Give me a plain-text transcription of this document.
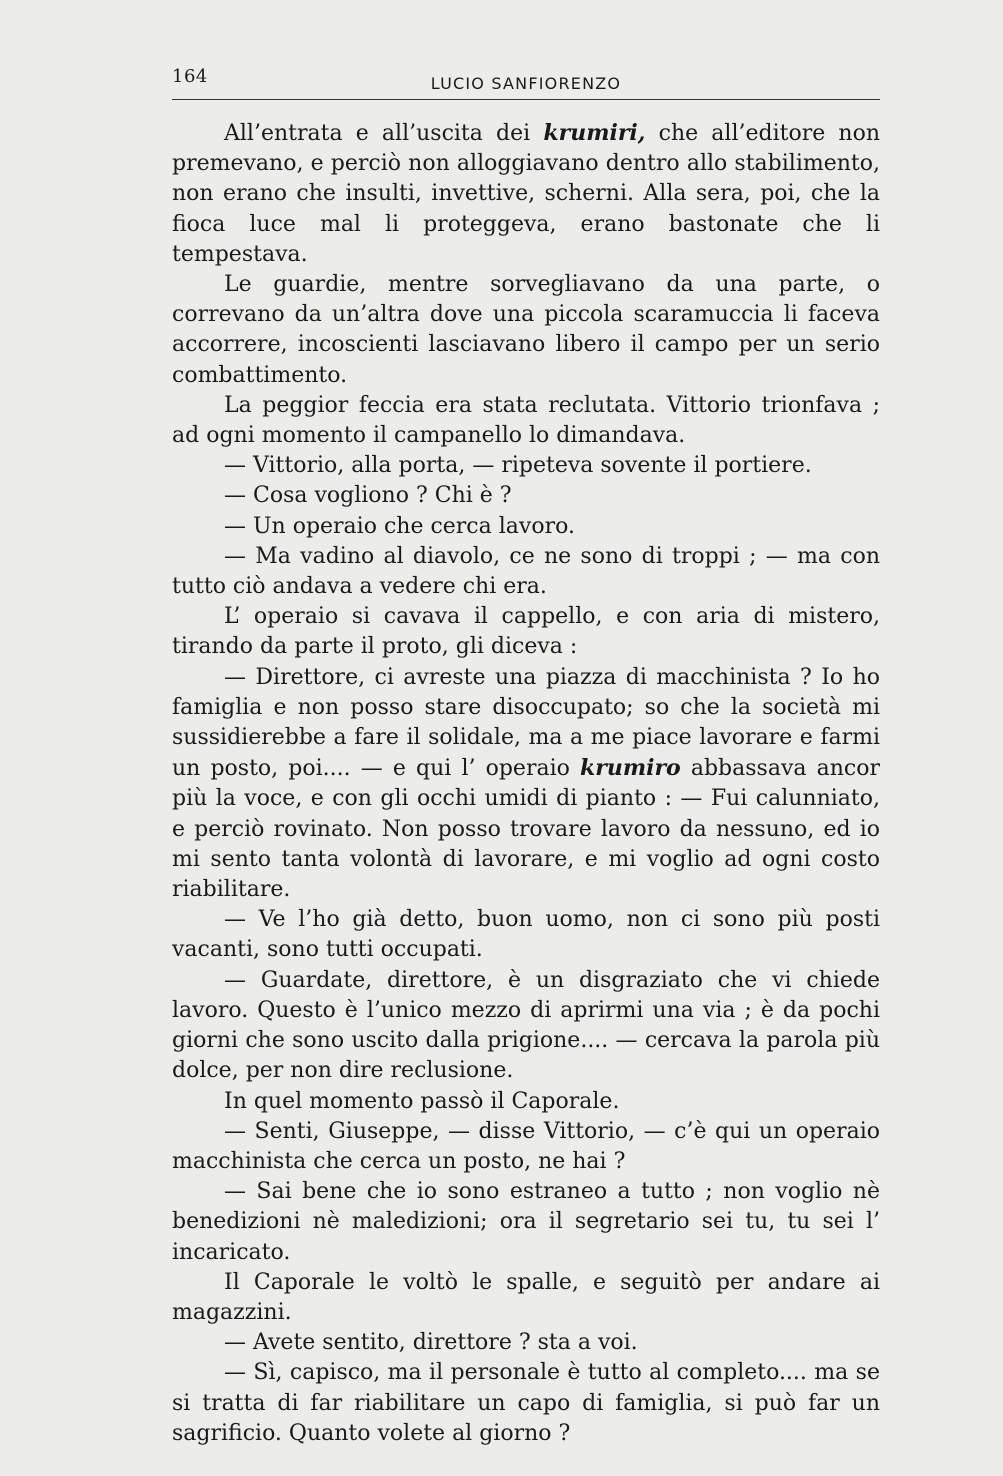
164	LUCIO SANFIORENZO

All’entrata e all’uscita dei krumiri, che all’editore non premevano, e perciò non alloggiavano dentro allo stabilimento, non erano che insulti, invettive, scherni. Alla sera, poi, che la fioca luce mal li proteggeva, erano bastonate che li tempestava.

Le guardie, mentre sorvegliavano da una parte, o correvano da un’altra dove una piccola scaramuccia li faceva accorrere, incoscienti lasciavano libero il campo per un serio combattimento.

La peggior feccia era stata reclutata. Vittorio trionfava ; ad ogni momento il campanello lo dimandava.

— Vittorio, alla porta, — ripeteva sovente il portiere.

— Cosa vogliono ? Chi è ?

— Un operaio che cerca lavoro.

— Ma vadino al diavolo, ce ne sono di troppi ; — ma con tutto ciò andava a vedere chi era.

L’ operaio si cavava il cappello, e con aria di mistero, tirando da parte il proto, gli diceva :

— Direttore, ci avreste una piazza di macchinista ? Io ho famiglia e non posso stare disoccupato; so che la società mi sussidierebbe a fare il solidale, ma a me piace lavorare e farmi un posto, poi.... — e qui l’ operaio krumiro abbassava ancor più la voce, e con gli occhi umidi di pianto : — Fui calunniato, e perciò rovinato. Non posso trovare lavoro da nessuno, ed io mi sento tanta volontà di lavorare, e mi voglio ad ogni costo riabilitare.

— Ve l’ho già detto, buon uomo, non ci sono più posti vacanti, sono tutti occupati.

— Guardate, direttore, è un disgraziato che vi chiede lavoro. Questo è l’unico mezzo di aprirmi una via ; è da pochi giorni che sono uscito dalla prigione.... — cercava la parola più dolce, per non dire reclusione.

In quel momento passò il Caporale.

— Senti, Giuseppe, — disse Vittorio, — c’è qui un operaio macchinista che cerca un posto, ne hai ?

— Sai bene che io sono estraneo a tutto ; non voglio nè benedizioni nè maledizioni; ora il segretario sei tu, tu sei l’ incaricato.

Il Caporale le voltò le spalle, e seguitò per andare ai magazzini.

— Avete sentito, direttore ? sta a voi.

— Sì, capisco, ma il personale è tutto al completo.... ma se si tratta di far riabilitare un capo di famiglia, si può far un sagrificio. Quanto volete al giorno ?
